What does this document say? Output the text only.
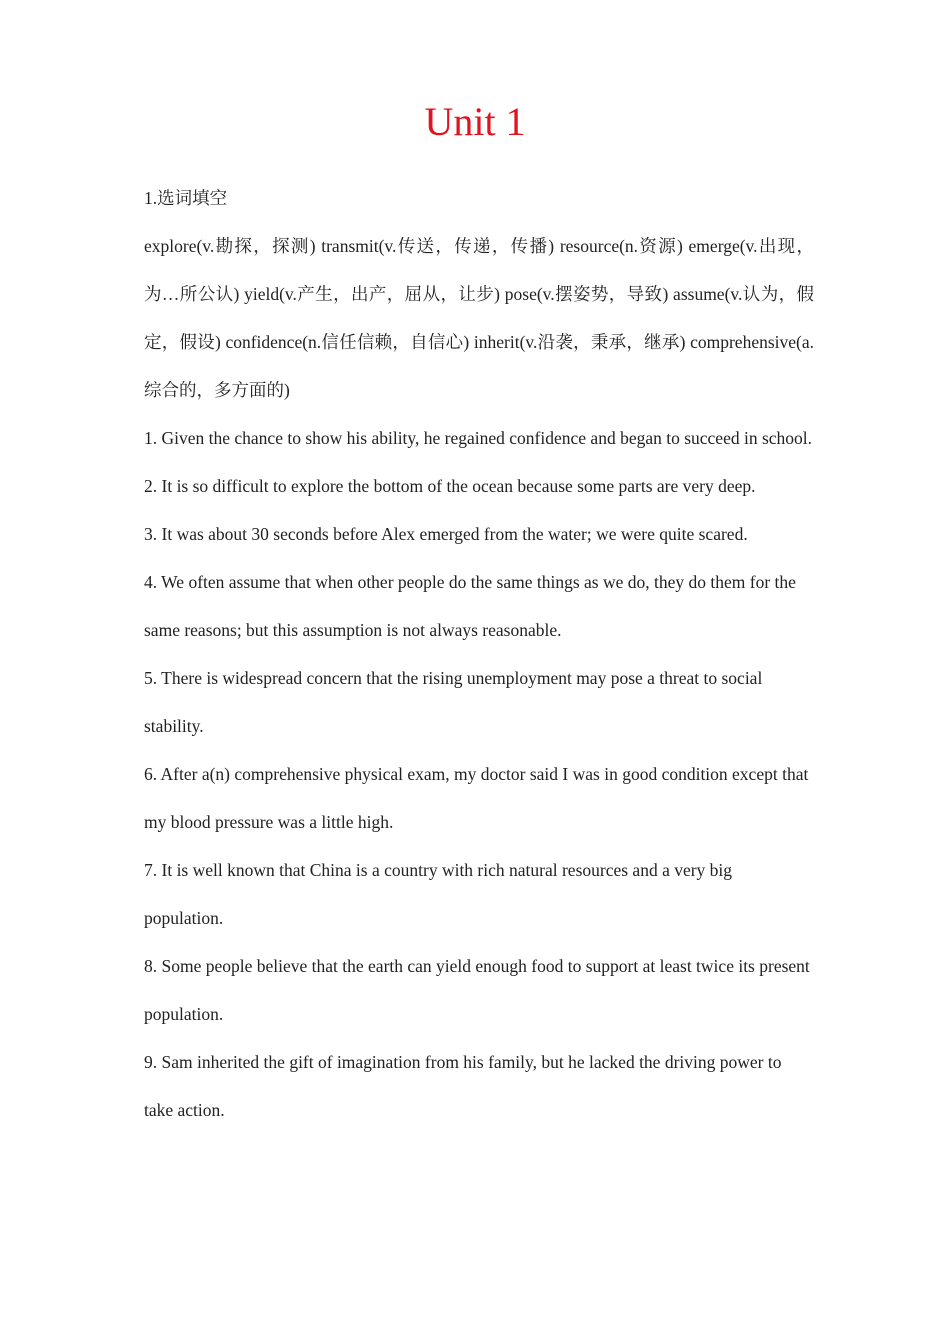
Unit 1

1.选词填空

explore(v.勘探，探测) transmit(v.传送，传递，传播) resource(n.资源) emerge(v.出现，为…所公认) yield(v.产生，出产，屈从，让步) pose(v.摆姿势，导致) assume(v.认为，假定，假设) confidence(n.信任信赖，自信心) inherit(v.沿袭，秉承，继承) comprehensive(a.综合的，多方面的)

1. Given the chance to show his ability, he regained confidence and began to succeed in school.

2. It is so difficult to explore the bottom of the ocean because some parts are very deep.

3. It was about 30 seconds before Alex emerged from the water; we were quite scared.

4. We often assume that when other people do the same things as we do, they do them for the same reasons; but this assumption is not always reasonable.

5. There is widespread concern that the rising unemployment may pose a threat to social stability.

6. After a(n) comprehensive physical exam, my doctor said I was in good condition except that my blood pressure was a little high.

7. It is well known that China is a country with rich natural resources and a very big population.

8. Some people believe that the earth can yield enough food to support at least twice its present population.

9. Sam inherited the gift of imagination from his family, but he lacked the driving power to take action.
